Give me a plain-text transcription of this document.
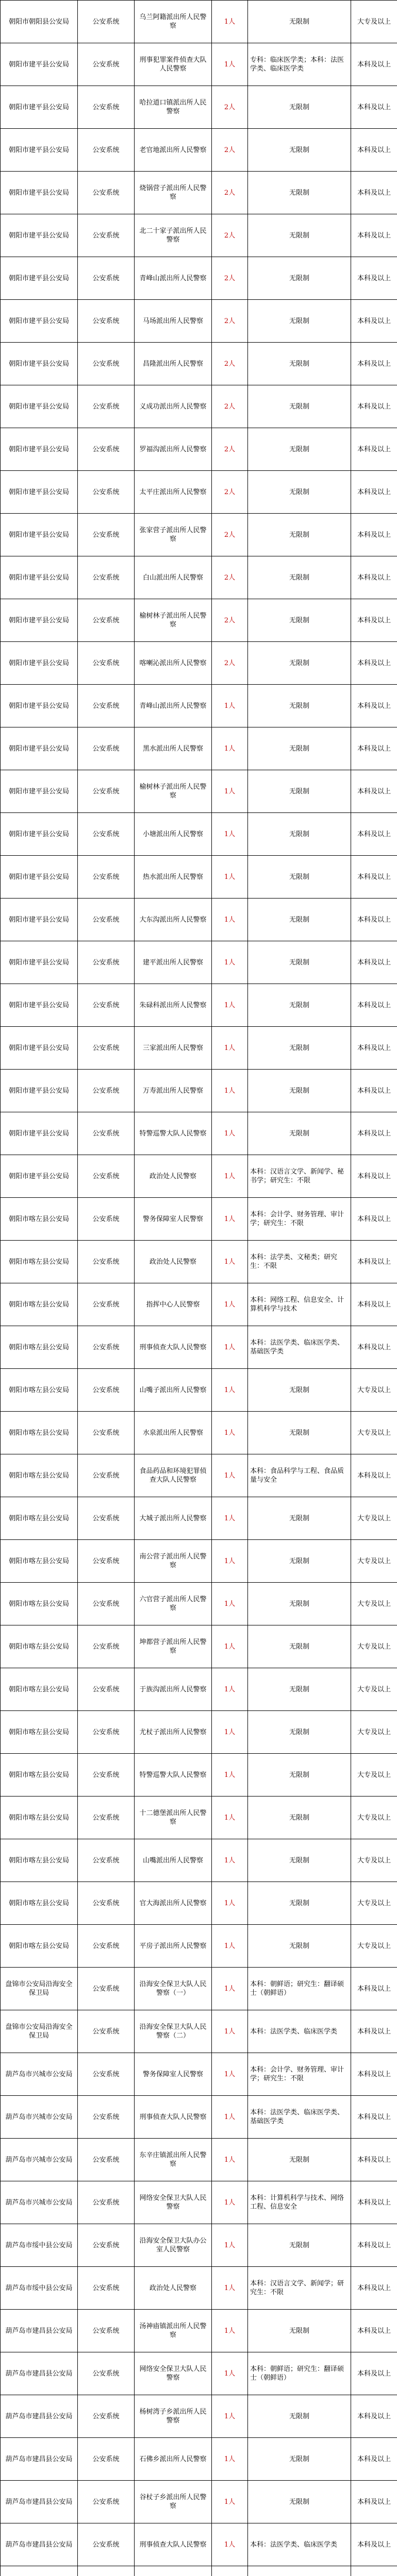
朝阳市朝阳县公安局	公安系统	乌兰阿籍派出所人民警察	1人	无限制	大专及以上
朝阳市建平县公安局	公安系统	刑事犯罪案件侦查大队人民警察	1人	专科：临床医学类；本科：法医学类、临床医学类	本科及以上
朝阳市建平县公安局	公安系统	哈拉道口镇派出所人民警察	2人	无限制	本科及以上
朝阳市建平县公安局	公安系统	老官地派出所人民警察	2人	无限制	本科及以上
朝阳市建平县公安局	公安系统	烧锅营子派出所人民警察	2人	无限制	本科及以上
朝阳市建平县公安局	公安系统	北二十家子派出所人民警察	2人	无限制	本科及以上
朝阳市建平县公安局	公安系统	青峰山派出所人民警察	2人	无限制	本科及以上
朝阳市建平县公安局	公安系统	马场派出所人民警察	2人	无限制	本科及以上
朝阳市建平县公安局	公安系统	昌隆派出所人民警察	2人	无限制	本科及以上
朝阳市建平县公安局	公安系统	义成功派出所人民警察	2人	无限制	本科及以上
朝阳市建平县公安局	公安系统	罗福沟派出所人民警察	2人	无限制	本科及以上
朝阳市建平县公安局	公安系统	太平庄派出所人民警察	2人	无限制	本科及以上
朝阳市建平县公安局	公安系统	张家营子派出所人民警察	2人	无限制	本科及以上
朝阳市建平县公安局	公安系统	白山派出所人民警察	2人	无限制	本科及以上
朝阳市建平县公安局	公安系统	榆树林子派出所人民警察	2人	无限制	本科及以上
朝阳市建平县公安局	公安系统	喀喇沁派出所人民警察	2人	无限制	本科及以上
朝阳市建平县公安局	公安系统	青峰山派出所人民警察	1人	无限制	本科及以上
朝阳市建平县公安局	公安系统	黑水派出所人民警察	1人	无限制	本科及以上
朝阳市建平县公安局	公安系统	榆树林子派出所人民警察	1人	无限制	本科及以上
朝阳市建平县公安局	公安系统	小塘派出所人民警察	1人	无限制	本科及以上
朝阳市建平县公安局	公安系统	热水派出所人民警察	1人	无限制	本科及以上
朝阳市建平县公安局	公安系统	大东沟派出所人民警察	1人	无限制	本科及以上
朝阳市建平县公安局	公安系统	建平派出所人民警察	1人	无限制	本科及以上
朝阳市建平县公安局	公安系统	朱碌科派出所人民警察	1人	无限制	本科及以上
朝阳市建平县公安局	公安系统	三家派出所人民警察	1人	无限制	本科及以上
朝阳市建平县公安局	公安系统	万寿派出所人民警察	1人	无限制	本科及以上
朝阳市建平县公安局	公安系统	特警巡警大队人民警察	1人	无限制	本科及以上
朝阳市建平县公安局	公安系统	政治处人民警察	1人	本科：汉语言文学、新闻学、秘书学；研究生：不限	本科及以上
朝阳市喀左县公安局	公安系统	警务保障室人民警察	1人	本科：会计学、财务管理、审计学；研究生：不限	本科及以上
朝阳市喀左县公安局	公安系统	政治处人民警察	1人	本科：法学类、文秘类；研究生：不限	本科及以上
朝阳市喀左县公安局	公安系统	指挥中心人民警察	1人	本科：网络工程、信息安全、计算机科学与技术	本科及以上
朝阳市喀左县公安局	公安系统	刑事侦查大队人民警察	1人	本科：法医学类、临床医学类、基础医学类	本科及以上
朝阳市喀左县公安局	公安系统	山嘴子派出所人民警察	1人	无限制	大专及以上
朝阳市喀左县公安局	公安系统	水泉派出所人民警察	1人	无限制	大专及以上
朝阳市喀左县公安局	公安系统	食品药品和环境犯罪侦查大队人民警察	1人	本科：食品科学与工程、食品质量与安全	本科及以上
朝阳市喀左县公安局	公安系统	大城子派出所人民警察	1人	无限制	大专及以上
朝阳市喀左县公安局	公安系统	南公营子派出所人民警察	1人	无限制	大专及以上
朝阳市喀左县公安局	公安系统	六官营子派出所人民警察	1人	无限制	大专及以上
朝阳市喀左县公安局	公安系统	坤都营子派出所人民警察	1人	无限制	大专及以上
朝阳市喀左县公安局	公安系统	于族沟派出所人民警察	1人	无限制	大专及以上
朝阳市喀左县公安局	公安系统	尤杖子派出所人民警察	1人	无限制	大专及以上
朝阳市喀左县公安局	公安系统	特警巡警大队人民警察	1人	无限制	大专及以上
朝阳市喀左县公安局	公安系统	十二德堡派出所人民警察	1人	无限制	大专及以上
朝阳市喀左县公安局	公安系统	山嘴派出所人民警察	1人	无限制	大专及以上
朝阳市喀左县公安局	公安系统	官大海派出所人民警察	1人	无限制	大专及以上
朝阳市喀左县公安局	公安系统	平房子派出所人民警察	1人	无限制	大专及以上
盘锦市公安局沿海安全保卫局	公安系统	沿海安全保卫大队人民警察（一）	1人	本科：朝鲜语；研究生：翻译硕士（朝鲜语）	本科及以上
盘锦市公安局沿海安全保卫局	公安系统	沿海安全保卫大队人民警察（二）	1人	本科：法医学类、临床医学类	本科及以上
葫芦岛市兴城市公安局	公安系统	警务保障室人民警察	1人	本科：会计学、财务管理、审计学；研究生：不限	本科及以上
葫芦岛市兴城市公安局	公安系统	刑事侦查大队人民警察	1人	本科：法医学类、临床医学类、基础医学类	本科及以上
葫芦岛市兴城市公安局	公安系统	东辛庄镇派出所人民警察	1人	无限制	本科及以上
葫芦岛市兴城市公安局	公安系统	网络安全保卫大队人民警察	1人	本科：计算机科学与技术、网络工程、信息安全	本科及以上
葫芦岛市绥中县公安局	公安系统	沿海安全保卫大队办公室人民警察	1人	无限制	本科及以上
葫芦岛市绥中县公安局	公安系统	政治处人民警察	1人	本科：汉语言文学、新闻学；研究生：不限	本科及以上
葫芦岛市建昌县公安局	公安系统	汤神庙镇派出所人民警察	1人	无限制	本科及以上
葫芦岛市建昌县公安局	公安系统	网络安全保卫大队人民警察	1人	本科：朝鲜语；研究生：翻译硕士（朝鲜语）	本科及以上
葫芦岛市建昌县公安局	公安系统	杨树湾子乡派出所人民警察	1人	无限制	本科及以上
葫芦岛市建昌县公安局	公安系统	石佛乡派出所人民警察	1人	无限制	本科及以上
葫芦岛市建昌县公安局	公安系统	谷杖子乡派出所人民警察	1人	无限制	本科及以上
葫芦岛市建昌县公安局	公安系统	刑事侦查大队人民警察	1人	本科：法医学类、临床医学类	本科及以上
